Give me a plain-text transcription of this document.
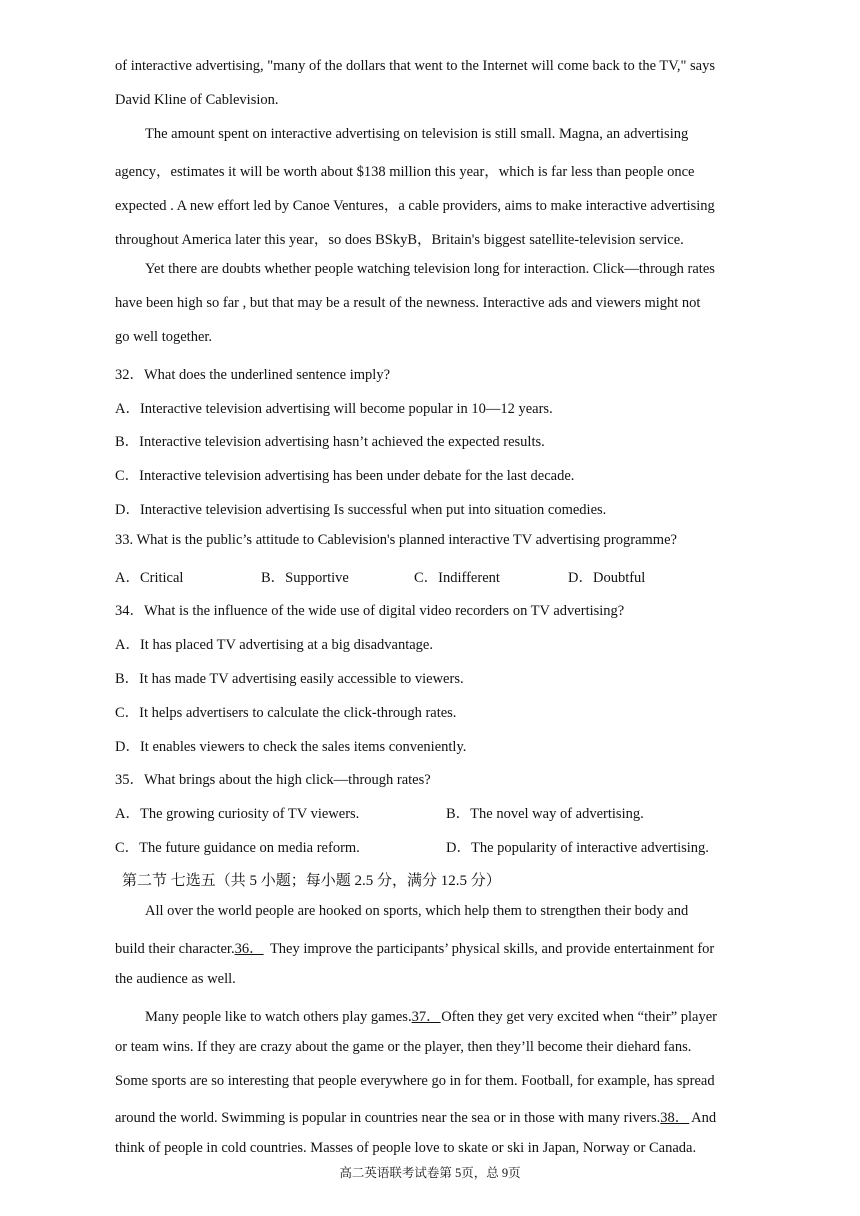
of interactive advertising, "many of the dollars that went to the Internet will come back to the TV," says
David Kline of Cablevision.
The amount spent on interactive advertising on television is still small. Magna, an advertising
agency，estimates it will be worth about $138 million this year，which is far less than people once
expected . A new effort led by Canoe Ventures，a cable providers, aims to make interactive advertising
throughout America later this year，so does BSkyB，Britain's biggest satellite-television service.
Yet there are doubts whether people watching television long for interaction. Click—through rates
have been high so far , but that may be a result of the newness. Interactive ads and viewers might not
go well together.
32．What does the underlined sentence imply?
A．Interactive television advertising will become popular in 10—12 years.
B．Interactive television advertising hasn’t achieved the expected results.
C．Interactive television advertising has been under debate for the last decade.
D．Interactive television advertising Is successful when put into situation comedies.
33. What is the public’s attitude to Cablevision's planned interactive TV advertising programme?
A．Critical	B．Supportive	C．Indifferent	D．Doubtful
34．What is the influence of the wide use of digital video recorders on TV advertising?
A．It has placed TV advertising at a big disadvantage.
B．It has made TV advertising easily accessible to viewers.
C．It helps advertisers to calculate the click-through rates.
D．It enables viewers to check the sales items conveniently.
35．What brings about the high click—through rates?
A．The growing curiosity of TV viewers.	B．The novel way of advertising.
C．The future guidance on media reform.	D．The popularity of interactive advertising.
第二节 七选五（共 5 小题；每小题 2.5 分，满分 12.5 分）
All over the world people are hooked on sports, which help them to strengthen their body and
build their character.36． They improve the participants’ physical skills, and provide entertainment for
the audience as well.
Many people like to watch others play games.37． Often they get very excited when “their” player
or team wins. If they are crazy about the game or the player, then they’ll become their diehard fans.
Some sports are so interesting that people everywhere go in for them. Football, for example, has spread
around the world. Swimming is popular in countries near the sea or in those with many rivers.38． And
think of people in cold countries. Masses of people love to skate or ski in Japan, Norway or Canada.
高二英语联考试卷第 5页，总 9页
